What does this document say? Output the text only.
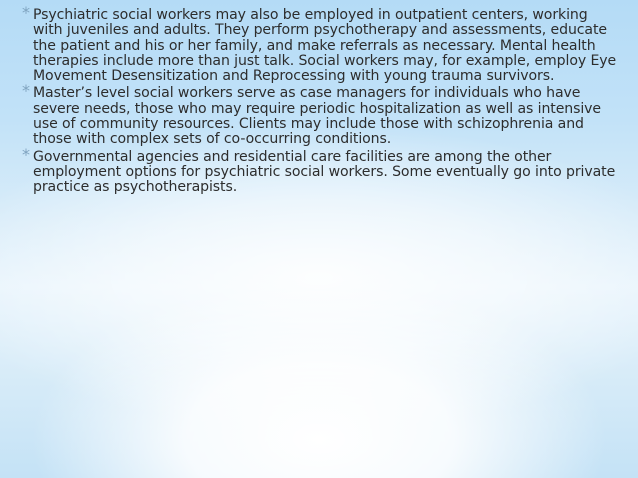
* Psychiatric social workers may also be employed in outpatient centers, working with juveniles and adults. They perform psychotherapy and assessments, educate the patient and his or her family, and make referrals as necessary. Mental health therapies include more than just talk. Social workers may, for example, employ Eye Movement Desensitization and Reprocessing with young trauma survivors.
* Master’s level social workers serve as case managers for individuals who have severe needs, those who may require periodic hospitalization as well as intensive use of community resources. Clients may include those with schizophrenia and those with complex sets of co-occurring conditions.
* Governmental agencies and residential care facilities are among the other employment options for psychiatric social workers. Some eventually go into private practice as psychotherapists.
